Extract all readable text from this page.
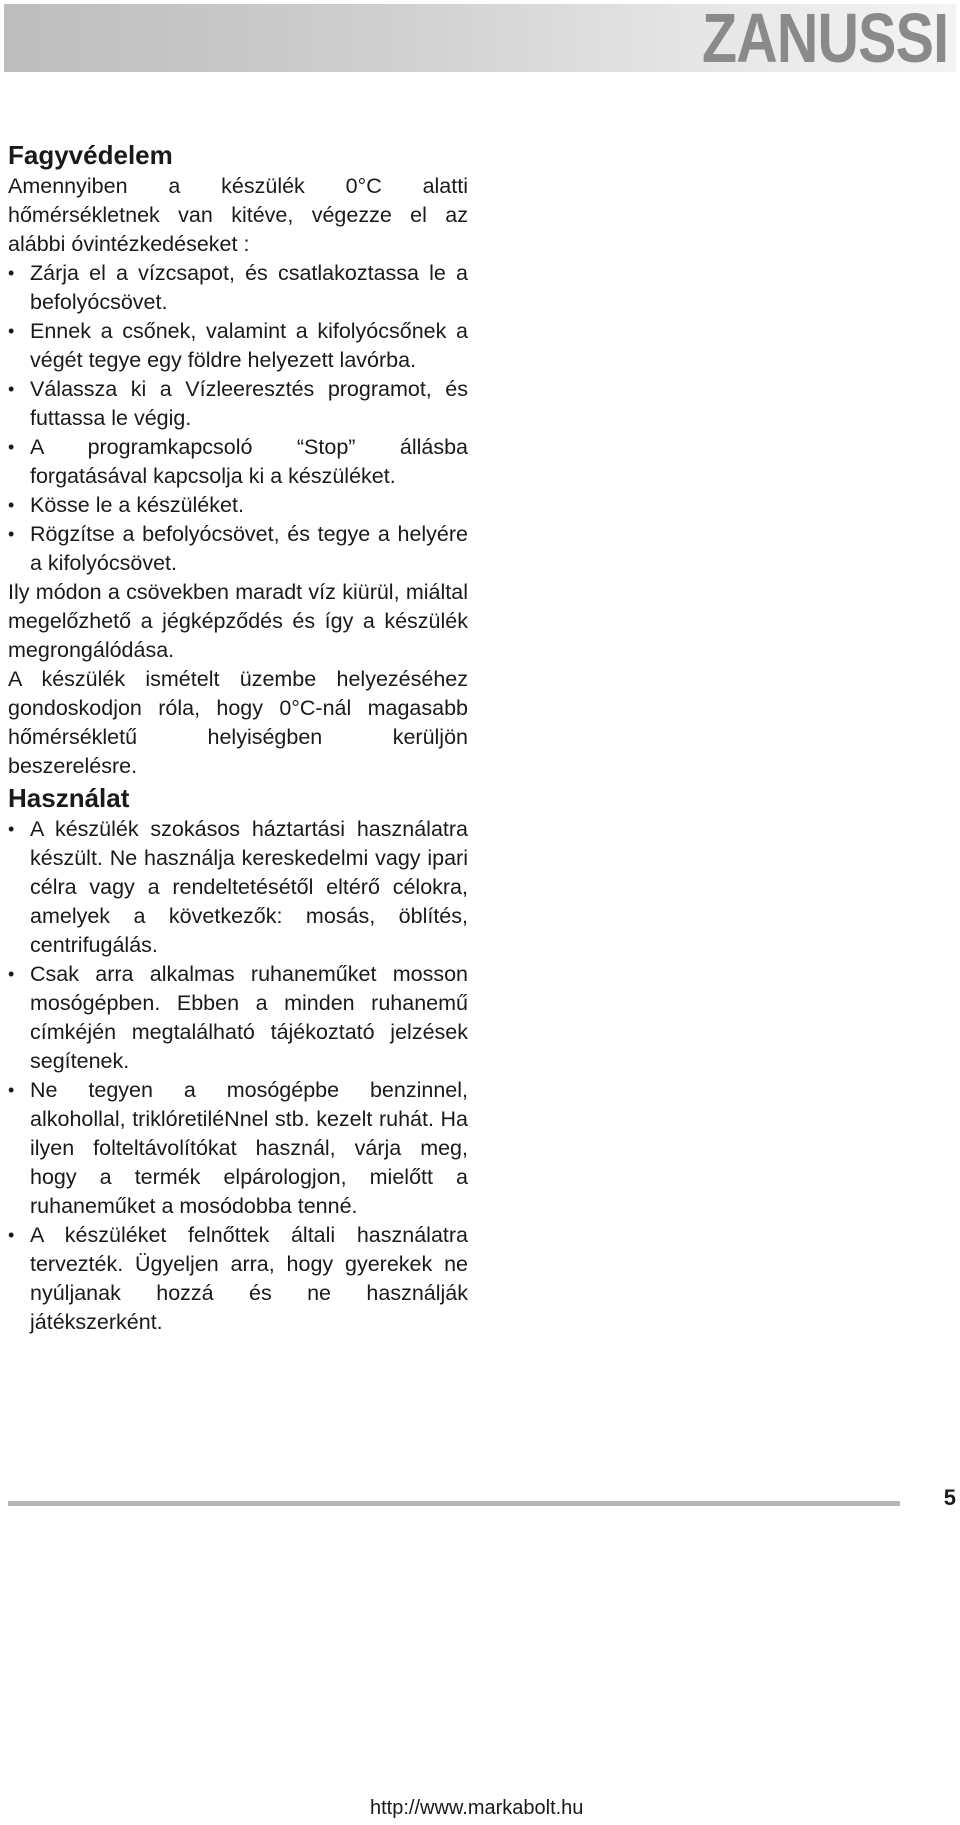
ZANUSSI
Fagyvédelem

Amennyiben a készülék 0°C alatti hőmérsékletnek van kitéve, végezze el az alábbi óvintézkedéseket :

• Zárja el a vízcsapot, és csatlakoztassa le a befolyócsövet.
• Ennek a csőnek, valamint a kifolyócsőnek a végét tegye egy földre helyezett lavórba.
• Válassza ki a Vízleeresztés programot, és futtassa le végig.
• A programkapcsoló “Stop” állásba forgatásával kapcsolja ki a készüléket.
• Kösse le a készüléket.
• Rögzítse a befolyócsövet, és tegye a helyére a kifolyócsövet.

Ily módon a csövekben maradt víz kiürül, miáltal megelőzhető a jégképződés és így a készülék megrongálódása.

A készülék ismételt üzembe helyezéséhez gondoskodjon róla, hogy 0°C-nál magasabb hőmérsékletű helyiségben kerüljön beszerelésre.

Használat
• A készülék szokásos háztartási használatra készült. Ne használja kereskedelmi vagy ipari célra vagy a rendeltetésétől eltérő célokra, amelyek a következők: mosás, öblítés, centrifugálás.
• Csak arra alkalmas ruhaneműket mosson mosógépben. Ebben a minden ruhanemű címkéjén megtalálható tájékoztató jelzések segítenek.
• Ne tegyen a mosógépbe benzinnel, alkohollal, triklóretiléNnel stb. kezelt ruhát. Ha ilyen folteltávolítókat használ, várja meg, hogy a termék elpárologjon, mielőtt a ruhaneműket a mosódobba tenné.
• A készüléket felnőttek általi használatra tervezték. Ügyeljen arra, hogy gyerekek ne nyúljanak hozzá és ne használják játékszerként.
5
http://www.markabolt.hu
